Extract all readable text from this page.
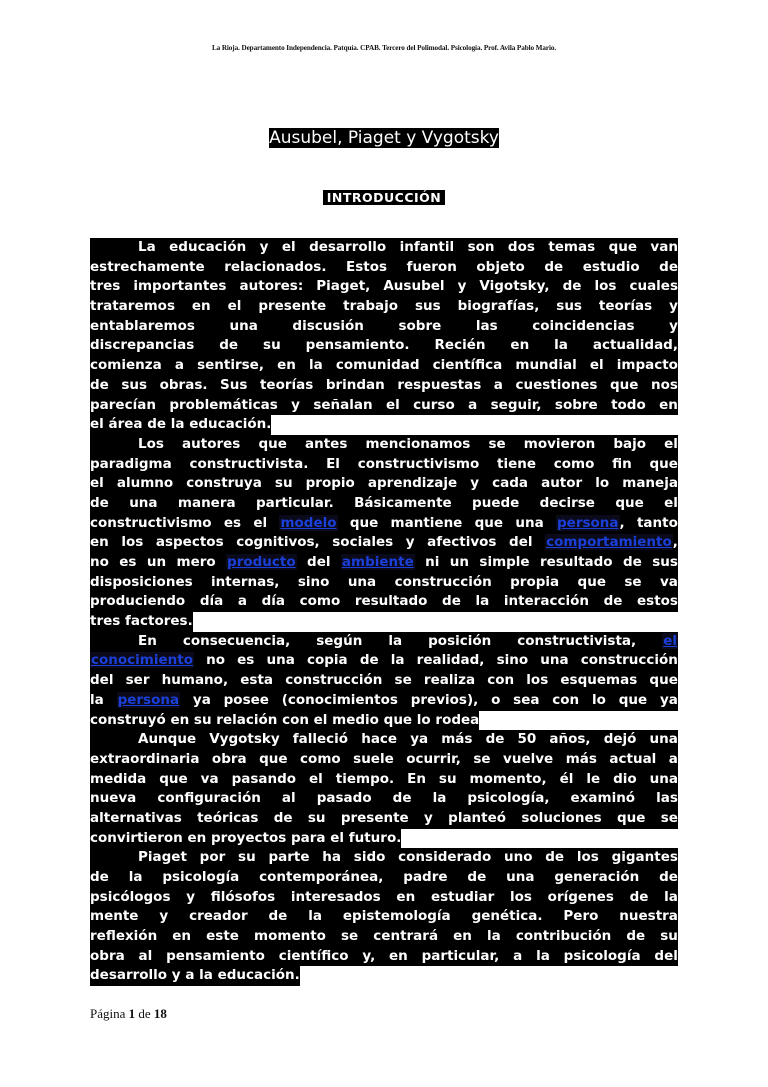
La Rioja. Departamento Independencia. Patquía. CPAB. Tercero del Polimodal. Psicología. Prof. Avila Pablo Mario.
Ausubel, Piaget y Vygotsky
INTRODUCCIÓN
La educación y el desarrollo infantil son dos temas que van
estrechamente relacionados. Estos fueron objeto de estudio de
tres importantes autores: Piaget, Ausubel y Vigotsky, de los cuales
trataremos en el presente trabajo sus biografías, sus teorías y
entablaremos	una	discusión	sobre	las	coincidencias	y
discrepancias de su pensamiento. Recién en la actualidad,
comienza a sentirse, en la comunidad científica mundial el impacto
de sus obras. Sus teorías brindan respuestas a cuestiones que nos
parecían problemáticas y señalan el curso a seguir, sobre todo en
el área de la educación.
Los autores que antes mencionamos se movieron bajo el
paradigma constructivista. El constructivismo tiene como fin que
el alumno construya su propio aprendizaje y cada autor lo maneja
de una manera particular. Básicamente puede decirse que el
constructivismo es el modelo que mantiene que una persona, tanto
en los aspectos cognitivos, sociales y afectivos del comportamiento,
no es un mero producto del ambiente ni un simple resultado de sus
disposiciones internas, sino una construcción propia que se va
produciendo día a día como resultado de la interacción de estos
tres factores.
En consecuencia, según la posición constructivista, el
conocimiento no es una copia de la realidad, sino una construcción
del ser humano, esta construcción se realiza con los esquemas que
la persona ya posee (conocimientos previos), o sea con lo que ya
construyó en su relación con el medio que lo rodea
Aunque Vygotsky falleció hace ya más de 50 años, dejó una
extraordinaria obra que como suele ocurrir, se vuelve más actual a
medida que va pasando el tiempo. En su momento, él le dio una
nueva configuración al pasado de la psicología, examinó las
alternativas teóricas de su presente y planteó soluciones que se
convirtieron en proyectos para el futuro.
Piaget por su parte ha sido considerado uno de los gigantes
de la psicología contemporánea, padre de una generación de
psicólogos y filósofos interesados en estudiar los orígenes de la
mente y creador de la epistemología genética. Pero nuestra
reflexión en este momento se centrará en la contribución de su
obra al pensamiento científico y, en particular, a la psicología del
desarrollo y a la educación.
Página 1 de 18
